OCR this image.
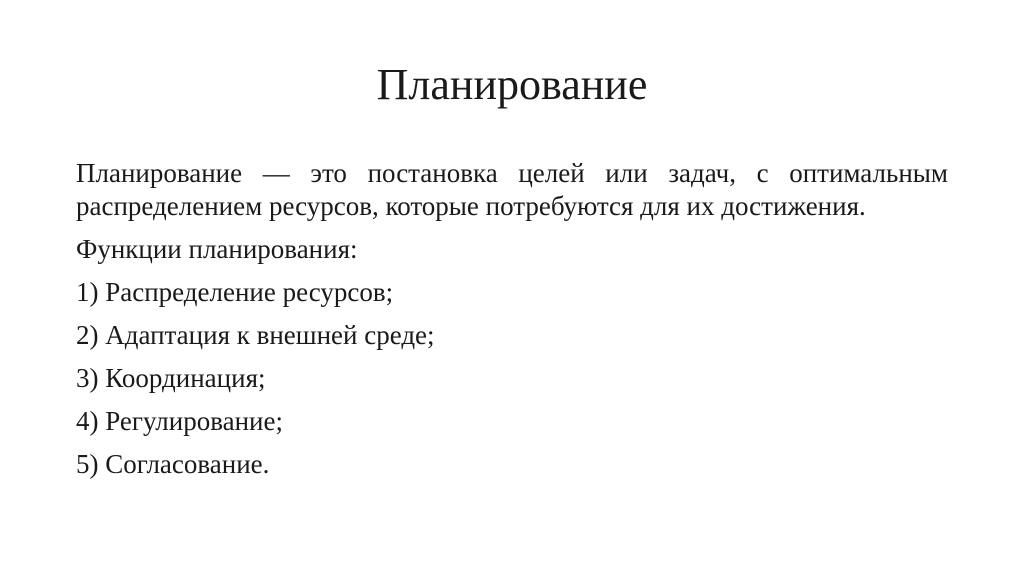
Планирование

Планирование — это постановка целей или задач, с оптимальным распределением ресурсов, которые потребуются для их достижения.

Функции планирования:

1) Распределение ресурсов;
2) Адаптация к внешней среде;
3) Координация;
4) Регулирование;
5) Согласование.
